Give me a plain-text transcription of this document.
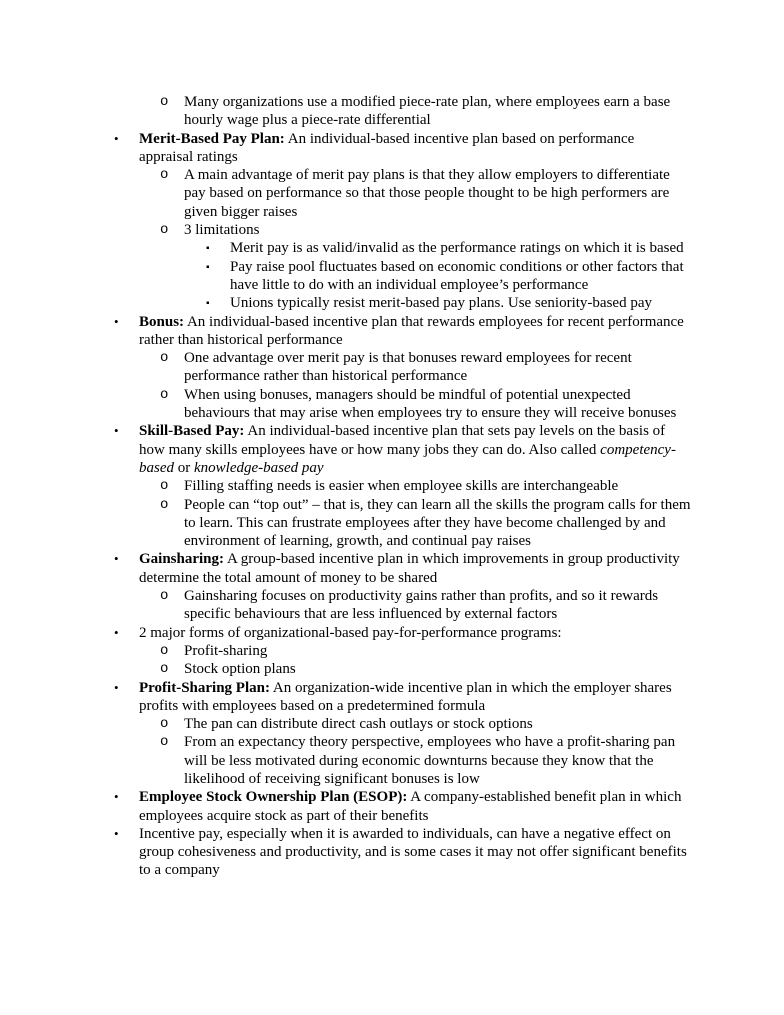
o Many organizations use a modified piece-rate plan, where employees earn a base hourly wage plus a piece-rate differential

• Merit-Based Pay Plan: An individual-based incentive plan based on performance appraisal ratings

o A main advantage of merit pay plans is that they allow employers to differentiate pay based on performance so that those people thought to be high performers are given bigger raises

o 3 limitations

▪ Merit pay is as valid/invalid as the performance ratings on which it is based

▪ Pay raise pool fluctuates based on economic conditions or other factors that have little to do with an individual employee’s performance

▪ Unions typically resist merit-based pay plans. Use seniority-based pay

• Bonus: An individual-based incentive plan that rewards employees for recent performance rather than historical performance

o One advantage over merit pay is that bonuses reward employees for recent performance rather than historical performance

o When using bonuses, managers should be mindful of potential unexpected behaviours that may arise when employees try to ensure they will receive bonuses

• Skill-Based Pay: An individual-based incentive plan that sets pay levels on the basis of how many skills employees have or how many jobs they can do. Also called competency-based or knowledge-based pay

o Filling staffing needs is easier when employee skills are interchangeable

o People can “top out” – that is, they can learn all the skills the program calls for them to learn. This can frustrate employees after they have become challenged by and environment of learning, growth, and continual pay raises

• Gainsharing: A group-based incentive plan in which improvements in group productivity determine the total amount of money to be shared

o Gainsharing focuses on productivity gains rather than profits, and so it rewards specific behaviours that are less influenced by external factors

• 2 major forms of organizational-based pay-for-performance programs:

o Profit-sharing

o Stock option plans

• Profit-Sharing Plan: An organization-wide incentive plan in which the employer shares profits with employees based on a predetermined formula

o The pan can distribute direct cash outlays or stock options

o From an expectancy theory perspective, employees who have a profit-sharing pan will be less motivated during economic downturns because they know that the likelihood of receiving significant bonuses is low

• Employee Stock Ownership Plan (ESOP): A company-established benefit plan in which employees acquire stock as part of their benefits

• Incentive pay, especially when it is awarded to individuals, can have a negative effect on group cohesiveness and productivity, and is some cases it may not offer significant benefits to a company
